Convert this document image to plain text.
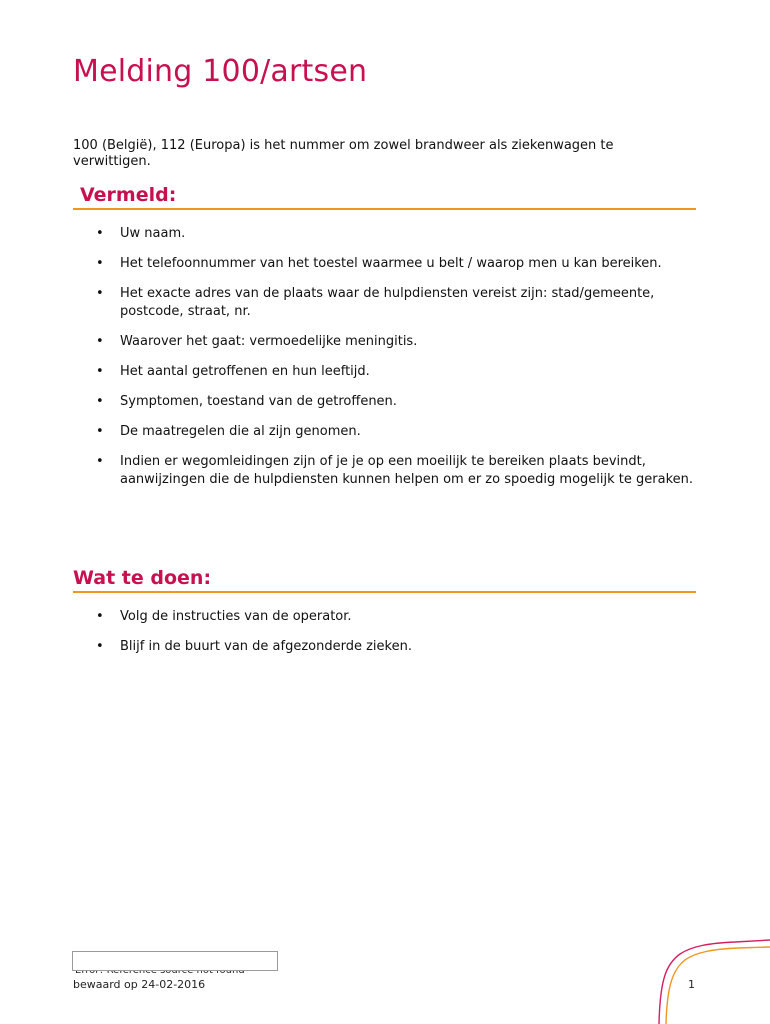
Melding 100/artsen

100 (België), 112 (Europa) is het nummer om zowel brandweer als ziekenwagen te verwittigen.

Vermeld:
• Uw naam.
• Het telefoonnummer van het toestel waarmee u belt / waarop men u kan bereiken.
• Het exacte adres van de plaats waar de hulpdiensten vereist zijn: stad/gemeente, postcode, straat, nr.
• Waarover het gaat: vermoedelijke meningitis.
• Het aantal getroffenen en hun leeftijd.
• Symptomen, toestand van de getroffenen.
• De maatregelen die al zijn genomen.
• Indien er wegomleidingen zijn of je je op een moeilijk te bereiken plaats bevindt, aanwijzingen die de hulpdiensten kunnen helpen om er zo spoedig mogelijk te geraken.
Wat te doen:
• Volg de instructies van de operator.
• Blijf in de buurt van de afgezonderde zieken.
bewaard op 24-02-2016	1
